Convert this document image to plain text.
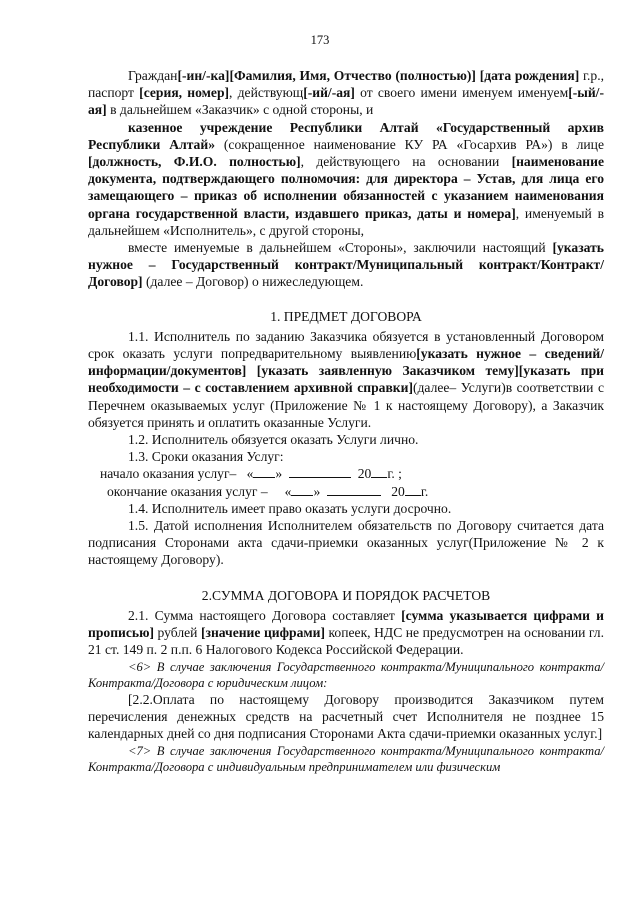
173

Граждан[-ин/-ка][Фамилия, Имя, Отчество (полностью)] [дата рождения] г.р., паспорт [серия, номер], действующ[-ий/-ая] от своего имени именуем именуем[-ый/-ая] в дальнейшем «Заказчик» с одной стороны, и

казенное учреждение Республики Алтай «Государственный архив Республики Алтай» (сокращенное наименование КУ РА «Госархив РА») в лице [должность, Ф.И.О. полностью], действующего на основании [наименование документа, подтверждающего полномочия: для директора – Устав, для лица его замещающего – приказ об исполнении обязанностей с указанием наименования органа государственной власти, издавшего приказ, даты и номера], именуемый в дальнейшем «Исполнитель», с другой стороны,

вместе именуемые в дальнейшем «Стороны», заключили настоящий [указать нужное – Государственный контракт/Муниципальный контракт/Контракт/Договор] (далее – Договор) о нижеследующем.

1. ПРЕДМЕТ ДОГОВОРА

1.1. Исполнитель по заданию Заказчика обязуется в установленный Договором срок оказать услуги попредварительному выявлению[указать нужное – сведений/информации/документов] [указать заявленную Заказчиком тему][указать при необходимости – с составлением архивной справки](далее– Услуги)в соответствии с Перечнем оказываемых услуг (Приложение № 1 к настоящему Договору), а Заказчик обязуется принять и оплатить оказанные Услуги.

1.2. Исполнитель обязуется оказать Услуги лично.

1.3. Сроки оказания Услуг:

начало оказания услуг– « »	20 г. ;

окончание оказания услуг – « »	20 г.

1.4. Исполнитель имеет право оказать услуги досрочно.

1.5. Датой исполнения Исполнителем обязательств по Договору считается дата подписания Сторонами акта сдачи-приемки оказанных услуг(Приложение № 2 к настоящему Договору).

2.СУММА ДОГОВОРА И ПОРЯДОК РАСЧЕТОВ

2.1. Сумма настоящего Договора составляет [сумма указывается цифрами и прописью] рублей [значение цифрами] копеек, НДС не предусмотрен на основании гл. 21 ст. 149 п. 2 п.п. 6 Налогового Кодекса Российской Федерации.

<6> В случае заключения Государственного контракта/Муниципального контракта/Контракта/Договора с юридическим лицом:

[2.2.Оплата по настоящему Договору производится Заказчиком путем перечисления денежных средств на расчетный счет Исполнителя не позднее 15 календарных дней со дня подписания Сторонами Акта сдачи-приемки оказанных услуг.]

<7> В случае заключения Государственного контракта/Муниципального контракта/Контракта/Договора с индивидуальным предпринимателем или физическим
